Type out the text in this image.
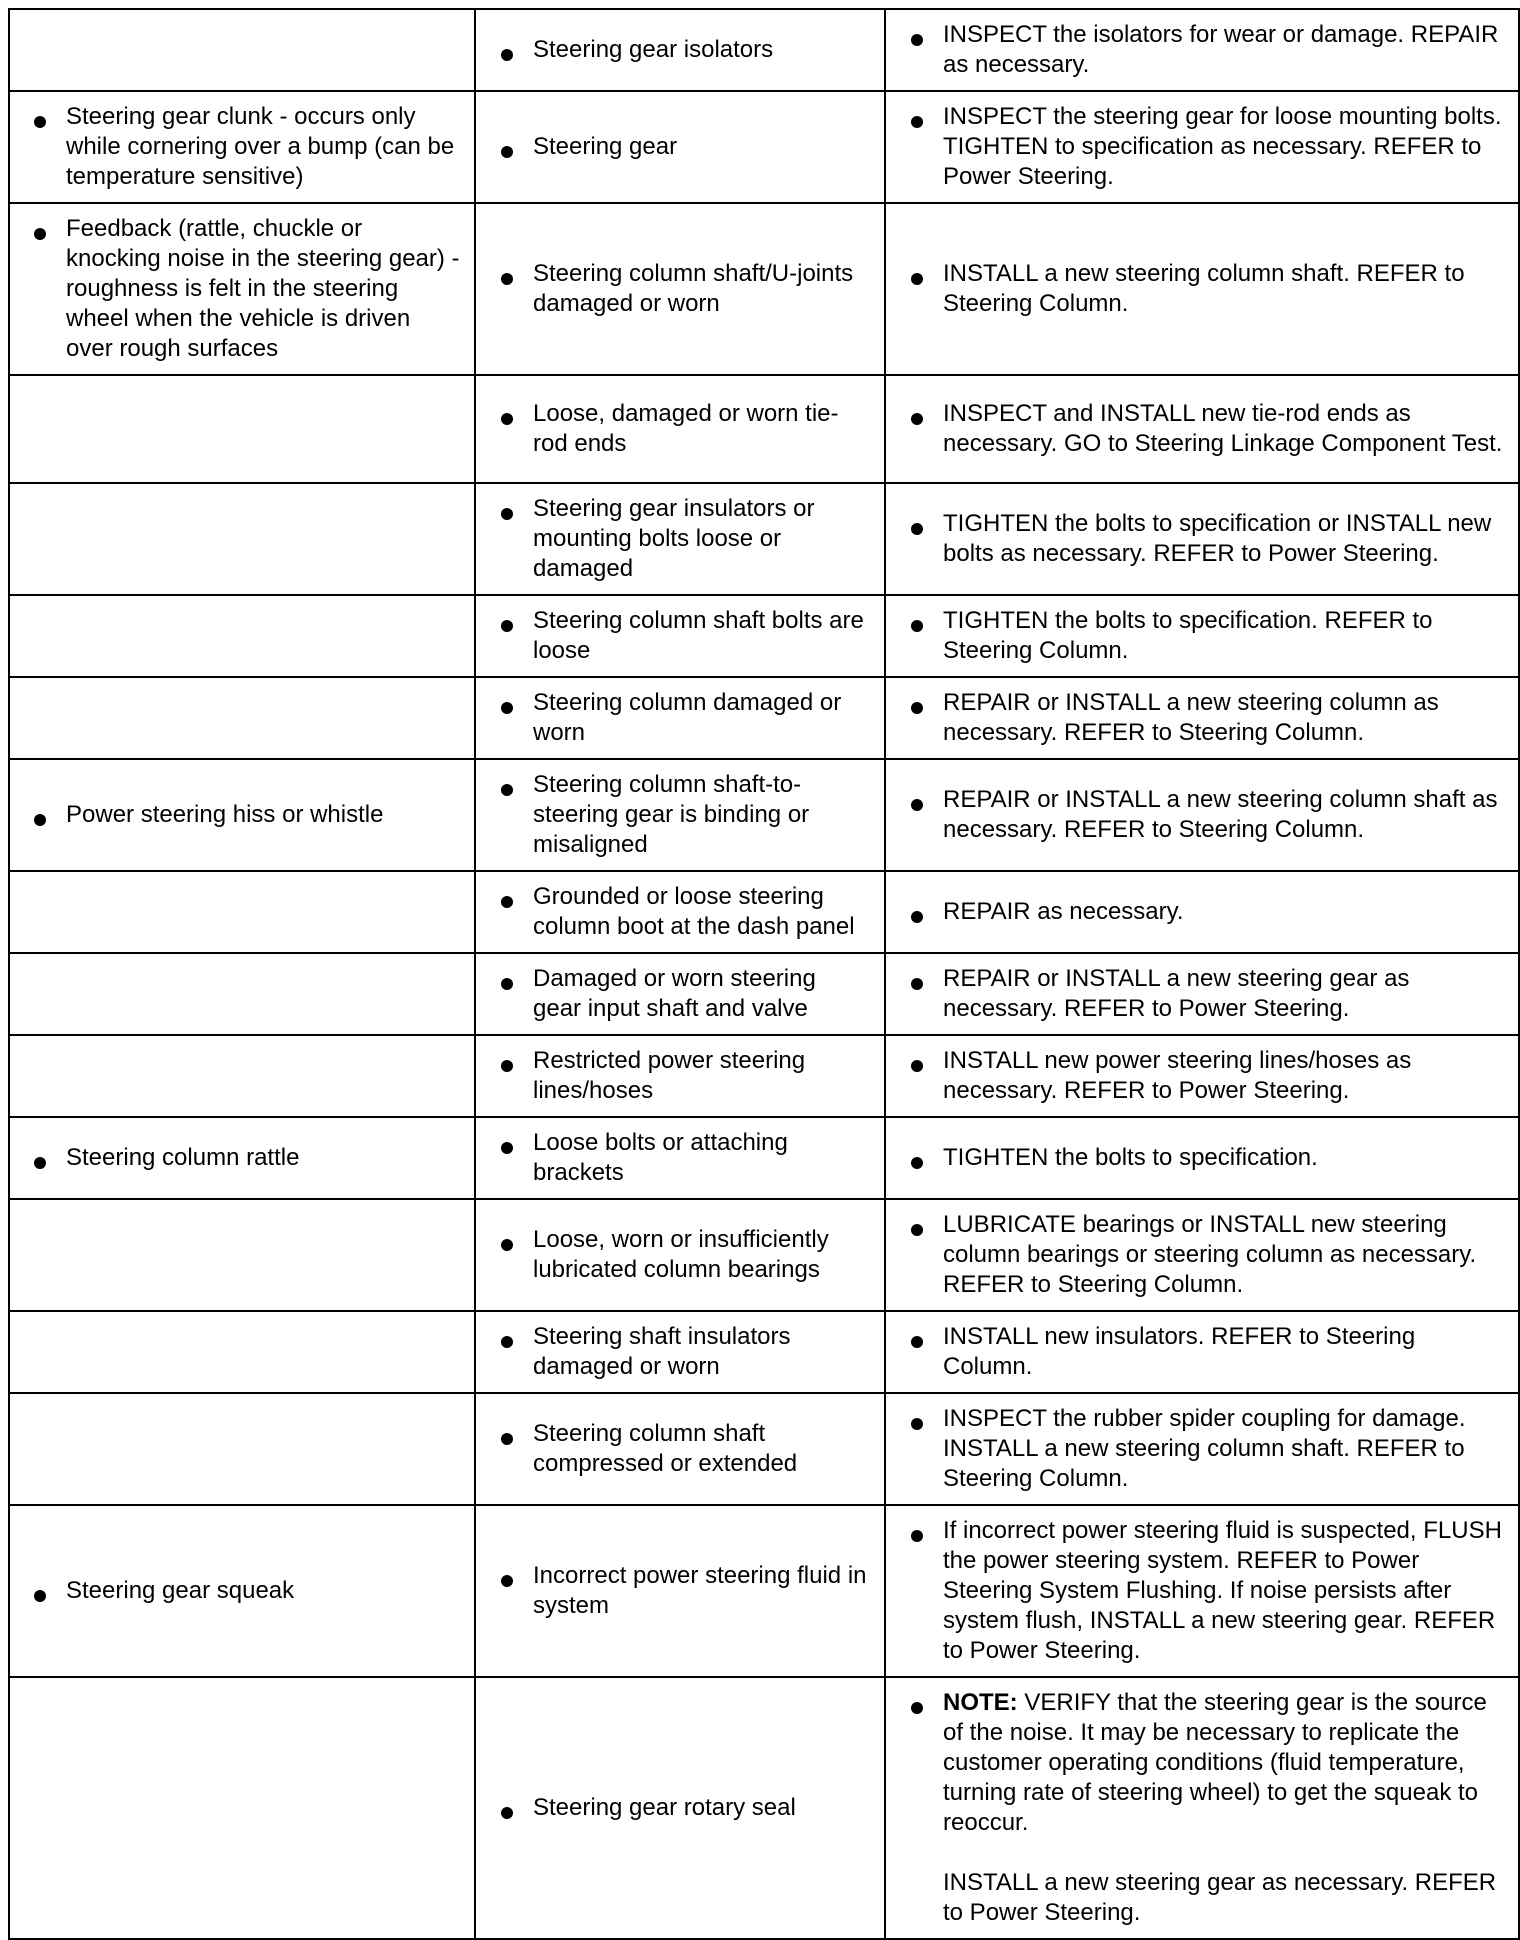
	Steering gear isolators	INSPECT the isolators for wear or damage. REPAIR as necessary.

Steering gear clunk - occurs only while cornering over a bump (can be temperature sensitive)	Steering gear	INSPECT the steering gear for loose mounting bolts. TIGHTEN to specification as necessary. REFER to Power Steering.

Feedback (rattle, chuckle or knocking noise in the steering gear) - roughness is felt in the steering wheel when the vehicle is driven over rough surfaces	Steering column shaft/U-joints damaged or worn	INSTALL a new steering column shaft. REFER to Steering Column.

	Loose, damaged or worn tie-rod ends	INSPECT and INSTALL new tie-rod ends as necessary. GO to Steering Linkage Component Test.

	Steering gear insulators or mounting bolts loose or damaged	TIGHTEN the bolts to specification or INSTALL new bolts as necessary. REFER to Power Steering.

	Steering column shaft bolts are loose	TIGHTEN the bolts to specification. REFER to Steering Column.

	Steering column damaged or worn	REPAIR or INSTALL a new steering column as necessary. REFER to Steering Column.

Power steering hiss or whistle	Steering column shaft-to-steering gear is binding or misaligned	REPAIR or INSTALL a new steering column shaft as necessary. REFER to Steering Column.

	Grounded or loose steering column boot at the dash panel	REPAIR as necessary.

	Damaged or worn steering gear input shaft and valve	REPAIR or INSTALL a new steering gear as necessary. REFER to Power Steering.

	Restricted power steering lines/hoses	INSTALL new power steering lines/hoses as necessary. REFER to Power Steering.

Steering column rattle	Loose bolts or attaching brackets	TIGHTEN the bolts to specification.

	Loose, worn or insufficiently lubricated column bearings	LUBRICATE bearings or INSTALL new steering column bearings or steering column as necessary. REFER to Steering Column.

	Steering shaft insulators damaged or worn	INSTALL new insulators. REFER to Steering Column.

	Steering column shaft compressed or extended	INSPECT the rubber spider coupling for damage. INSTALL a new steering column shaft. REFER to Steering Column.

Steering gear squeak	Incorrect power steering fluid in system	If incorrect power steering fluid is suspected, FLUSH the power steering system. REFER to Power Steering System Flushing. If noise persists after system flush, INSTALL a new steering gear. REFER to Power Steering.

	Steering gear rotary seal	NOTE: VERIFY that the steering gear is the source of the noise. It may be necessary to replicate the customer operating conditions (fluid temperature, turning rate of steering wheel) to get the squeak to reoccur.
INSTALL a new steering gear as necessary. REFER to Power Steering.
